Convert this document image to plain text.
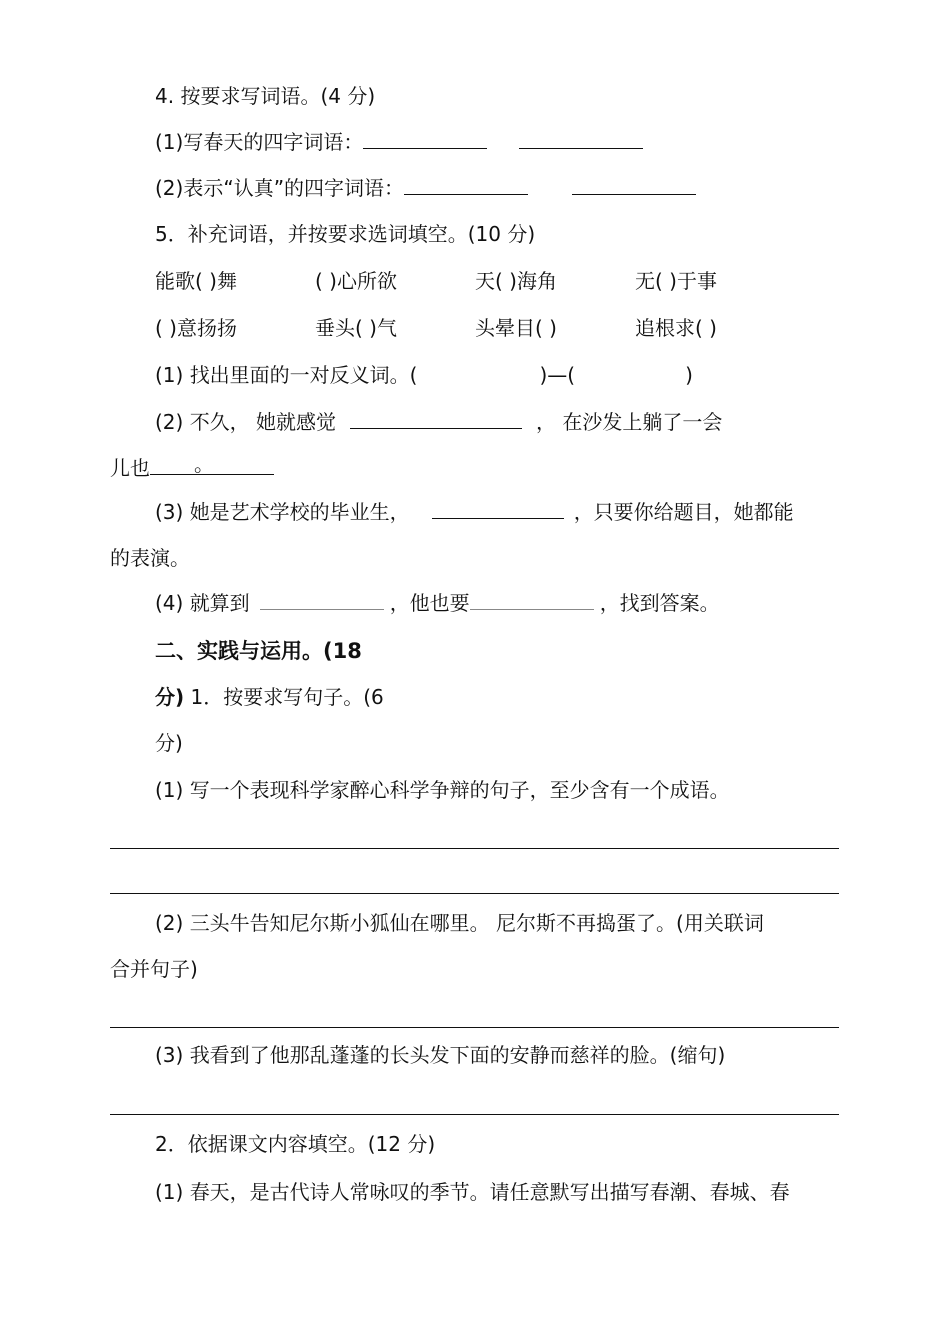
4. 按要求写词语。(4 分)
(1)写春天的四字词语：
(2)表示“认真”的四字词语：
5．补充词语，并按要求选词填空。(10 分)
能歌( )舞	( )心所欲	天( )海角	无( )于事
( )意扬扬	垂头( )气	头晕目( )	追根求( )
(1) 找出里面的一对反义词。(	)—(	)
(2) 不久， 她就感觉	， 在沙发上躺了一会
儿也 。
(3) 她是艺术学校的毕业生，	，只要你给题目，她都能
的表演。
(4) 就算到	，他也要	，找到答案。
二、实践与运用。(18
分) 1．按要求写句子。(6
分)
(1) 写一个表现科学家醉心科学争辩的句子，至少含有一个成语。
(2) 三头牛告知尼尔斯小狐仙在哪里。 尼尔斯不再捣蛋了。(用关联词
合并句子)
(3) 我看到了他那乱蓬蓬的长头发下面的安静而慈祥的脸。(缩句)
2．依据课文内容填空。(12 分)
(1) 春天，是古代诗人常咏叹的季节。请任意默写出描写春潮、春城、春
